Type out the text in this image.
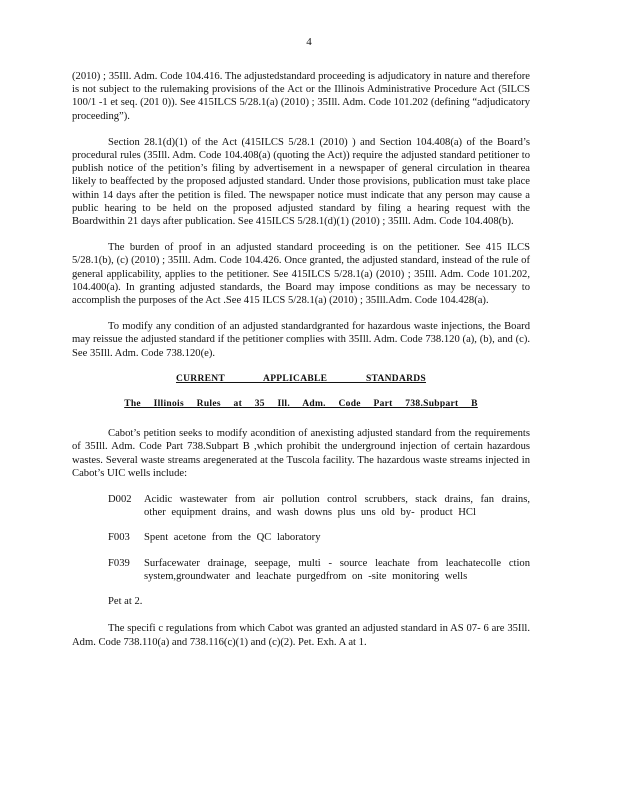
4

(2010) ; 35Ill. Adm. Code 104.416. The adjustedstandard proceeding is adjudicatory in nature and therefore is not subject to the rulemaking provisions of the Act or the Illinois Administrative Procedure Act (5ILCS 100/1 -1 et seq. (201 0)). See 415ILCS 5/28.1(a) (2010) ; 35Ill. Adm. Code 101.202 (defining “adjudicatory proceeding”).

Section 28.1(d)(1) of the Act (415ILCS 5/28.1 (2010) ) and Section 104.408(a) of the Board’s procedural rules (35Ill. Adm. Code 104.408(a) (quoting the Act)) require the adjusted standard petitioner to publish notice of the petition’s filing by advertisement in a newspaper of general circulation in thearea likely to beaffected by the proposed adjusted standard. Under those provisions, publication must take place within 14 days after the petition is filed. The newspaper notice must indicate that any person may cause a public hearing to be held on the proposed adjusted standard by filing a hearing request with the Boardwithin 21 days after publication. See 415ILCS 5/28.1(d)(1) (2010) ; 35Ill. Adm. Code 104.408(b).

The burden of proof in an adjusted standard proceeding is on the petitioner. See 415 ILCS 5/28.1(b), (c) (2010) ; 35Ill. Adm. Code 104.426. Once granted, the adjusted standard, instead of the rule of general applicability, applies to the petitioner. See 415ILCS 5/28.1(a) (2010) ; 35Ill. Adm. Code 101.202, 104.400(a). In granting adjusted standards, the Board may impose conditions as may be necessary to accomplish the purposes of the Act .See 415 ILCS 5/28.1(a) (2010) ; 35Ill.Adm. Code 104.428(a).

To modify any condition of an adjusted standardgranted for hazardous waste injections, the Board may reissue the adjusted standard if the petitioner complies with 35Ill. Adm. Code 738.120 (a), (b), and (c). See 35Ill. Adm. Code 738.120(e).

CURRENT APPLICABLE STANDARDS
The Illinois Rules at 35 Ill. Adm. Code Part 738.Subpart B

Cabot’s petition seeks to modify acondition of anexisting adjusted standard from the requirements of 35Ill. Adm. Code Part 738.Subpart B ,which prohibit the underground injection of certain hazardous wastes. Several waste streams aregenerated at the Tuscola facility. The hazardous waste streams injected in Cabot’s UIC wells include:

D002	Acidic wastewater from air pollution control scrubbers, stack drains, fan drains, other equipment drains, and wash downs plus uns old by- product HCl
F003	Spent acetone from the QC laboratory
F039	Surfacewater drainage, seepage, multi - source leachate from leachatecolle ction system,groundwater and leachate purgedfrom on -site monitoring wells
Pet at 2.

The specifi c regulations from which Cabot was granted an adjusted standard in AS 07- 6 are 35Ill. Adm. Code 738.110(a) and 738.116(c)(1) and (c)(2). Pet. Exh. A at 1.
